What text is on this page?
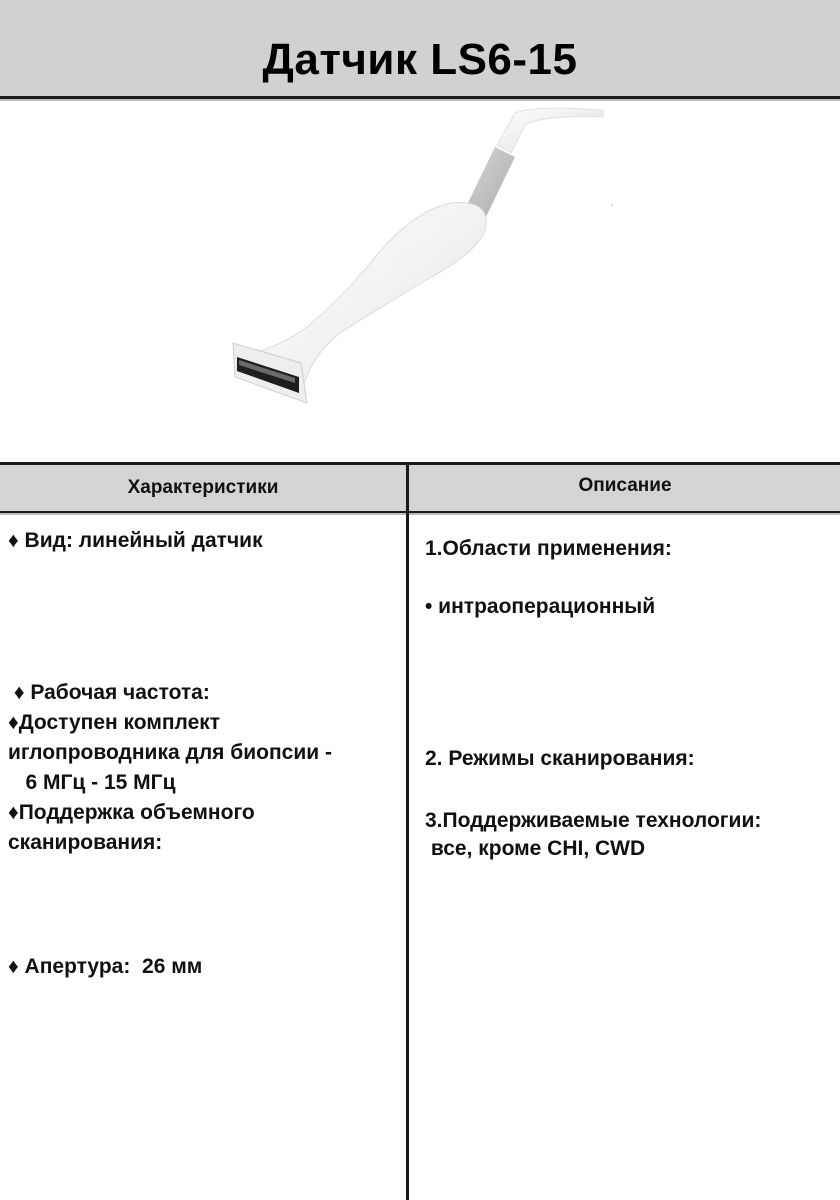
Датчик LS6-15
Характеристики	Описание
♦ Вид: линейный датчик

♦ Рабочая частота:

6 МГц - 15 МГц

♦Доступен комплект
иглопроводника для биопсии -
♦Поддержка объемного
сканирования:

♦ Апертура:  26 мм

1.Области применения:
• интраоперационный

2. Режимы сканирования:

все, кроме CHI, CWD

3.Поддерживаемые технологии:
